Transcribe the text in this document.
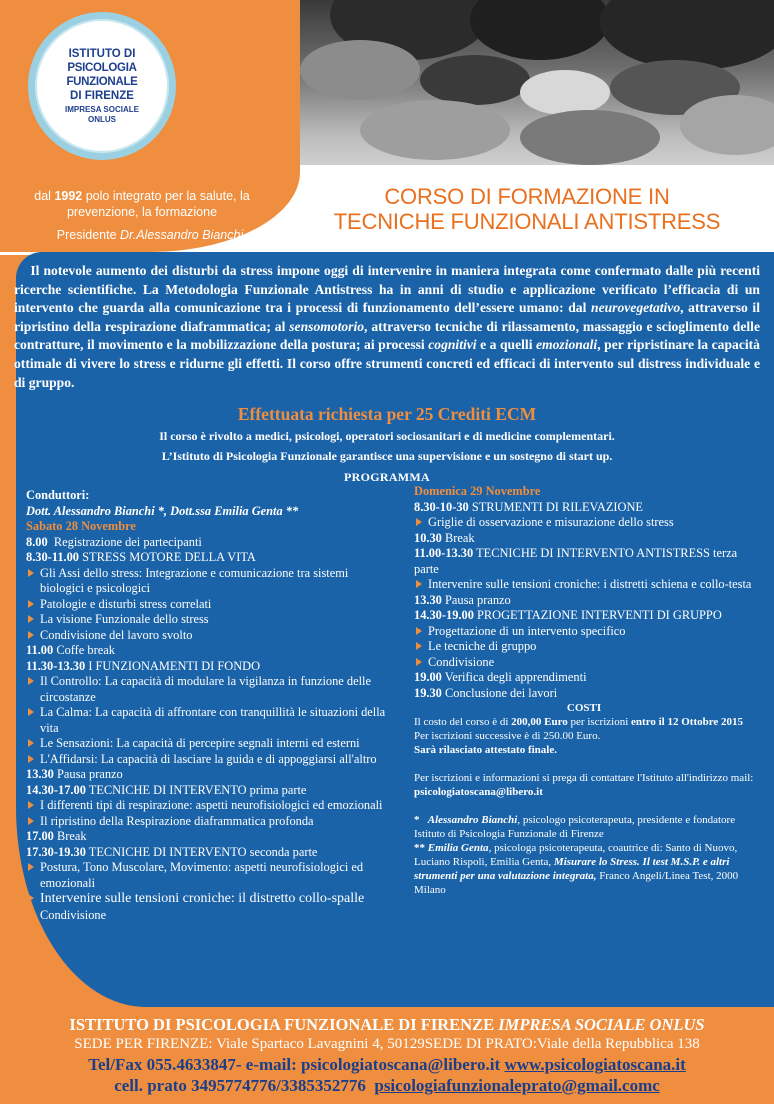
ISTITUTO DI
PSICOLOGIA FUNZIONALE
DI FIRENZE
IMPRESA SOCIALE
ONLUS
dal 1992 polo integrato per la salute, la prevenzione, la formazione
Presidente Dr.Alessandro Bianchi
CORSO DI FORMAZIONE IN
TECNICHE FUNZIONALI ANTISTRESS
Il notevole aumento dei disturbi da stress impone oggi di intervenire in maniera integrata come confermato dalle più recenti ricerche scientifiche. La Metodologia Funzionale Antistress ha in anni di studio e applicazione verificato l’efficacia di un intervento che guarda alla comunicazione tra i processi di funzionamento dell’essere umano: dal neurovegetativo, attraverso il ripristino della respirazione diaframmatica; al sensomotorio, attraverso tecniche di rilassamento, massaggio e scioglimento delle contratture, il movimento e la mobilizzazione della postura; ai processi cognitivi e a quelli emozionali, per ripristinare la capacità ottimale di vivere lo stress e ridurne gli effetti. Il corso offre strumenti concreti ed efficaci di intervento sul distress individuale e di gruppo.
Effettuata richiesta per 25 Crediti ECM
Il corso è rivolto a medici, psicologi, operatori sociosanitari e di medicine complementari.
L’Istituto di Psicologia Funzionale garantisce una supervisione e un sostegno di start up.
PROGRAMMA
Conduttori:
Dott. Alessandro Bianchi *, Dott.ssa Emilia Genta **
Sabato 28 Novembre
8.00 Registrazione dei partecipanti
8.30-11.00 STRESS MOTORE DELLA VITA
Gli Assi dello stress: Integrazione e comunicazione tra sistemi biologici e psicologici
Patologie e disturbi stress correlati
La visione Funzionale dello stress
Condivisione del lavoro svolto
11.00 Coffe break
11.30-13.30 I FUNZIONAMENTI DI FONDO
Il Controllo: La capacità di modulare la vigilanza in funzione delle circostanze
La Calma: La capacità di affrontare con tranquillità le situazioni della vita
Le Sensazioni: La capacità di percepire segnali interni ed esterni
L'Affidarsi: La capacità di lasciare la guida e di appoggiarsi all'altro
13.30 Pausa pranzo
14.30-17.00 TECNICHE DI INTERVENTO prima parte
I differenti tipi di respirazione: aspetti neurofisiologici ed emozionali
Il ripristino della Respirazione diaframmatica profonda
17.00 Break
17.30-19.30 TECNICHE DI INTERVENTO seconda parte
Postura, Tono Muscolare, Movimento: aspetti neurofisiologici ed emozionali
Intervenire sulle tensioni croniche: il distretto collo-spalle
Condivisione
Domenica 29 Novembre
8.30-10-30 STRUMENTI DI RILEVAZIONE
Griglie di osservazione e misurazione dello stress
10.30 Break
11.00-13.30 TECNICHE DI INTERVENTO ANTISTRESS terza parte
Intervenire sulle tensioni croniche: i distretti schiena e collo-testa
13.30 Pausa pranzo
14.30-19.00 PROGETTAZIONE INTERVENTI DI GRUPPO
Progettazione di un intervento specifico
Le tecniche di gruppo
Condivisione
19.00 Verifica degli apprendimenti
19.30 Conclusione dei lavori
COSTI
Il costo del corso è di 200,00 Euro per iscrizioni entro il 12 Ottobre 2015
Per iscrizioni successive è di 250.00 Euro.
Sarà rilasciato attestato finale.
Per iscrizioni e informazioni si prega di contattare l'Istituto all'indirizzo mail: psicologiatoscana@libero.it
* Alessandro Bianchi, psicologo psicoterapeuta, presidente e fondatore Istituto di Psicologia Funzionale di Firenze
** Emilia Genta, psicologa psicoterapeuta, coautrice di: Santo di Nuovo, Luciano Rispoli, Emilia Genta, Misurare lo Stress. Il test M.S.P. e altri strumenti per una valutazione integrata, Franco Angeli/Linea Test, 2000 Milano
ISTITUTO DI PSICOLOGIA FUNZIONALE DI FIRENZE IMPRESA SOCIALE ONLUS
SEDE PER FIRENZE: Viale Spartaco Lavagnini 4, 50129SEDE DI PRATO:Viale della Repubblica 138
Tel/Fax 055.4633847- e-mail: psicologiatoscana@libero.it www.psicologiatoscana.it
cell. prato 3495774776/3385352776 psicologiafunzionaleprato@gmail.comc
